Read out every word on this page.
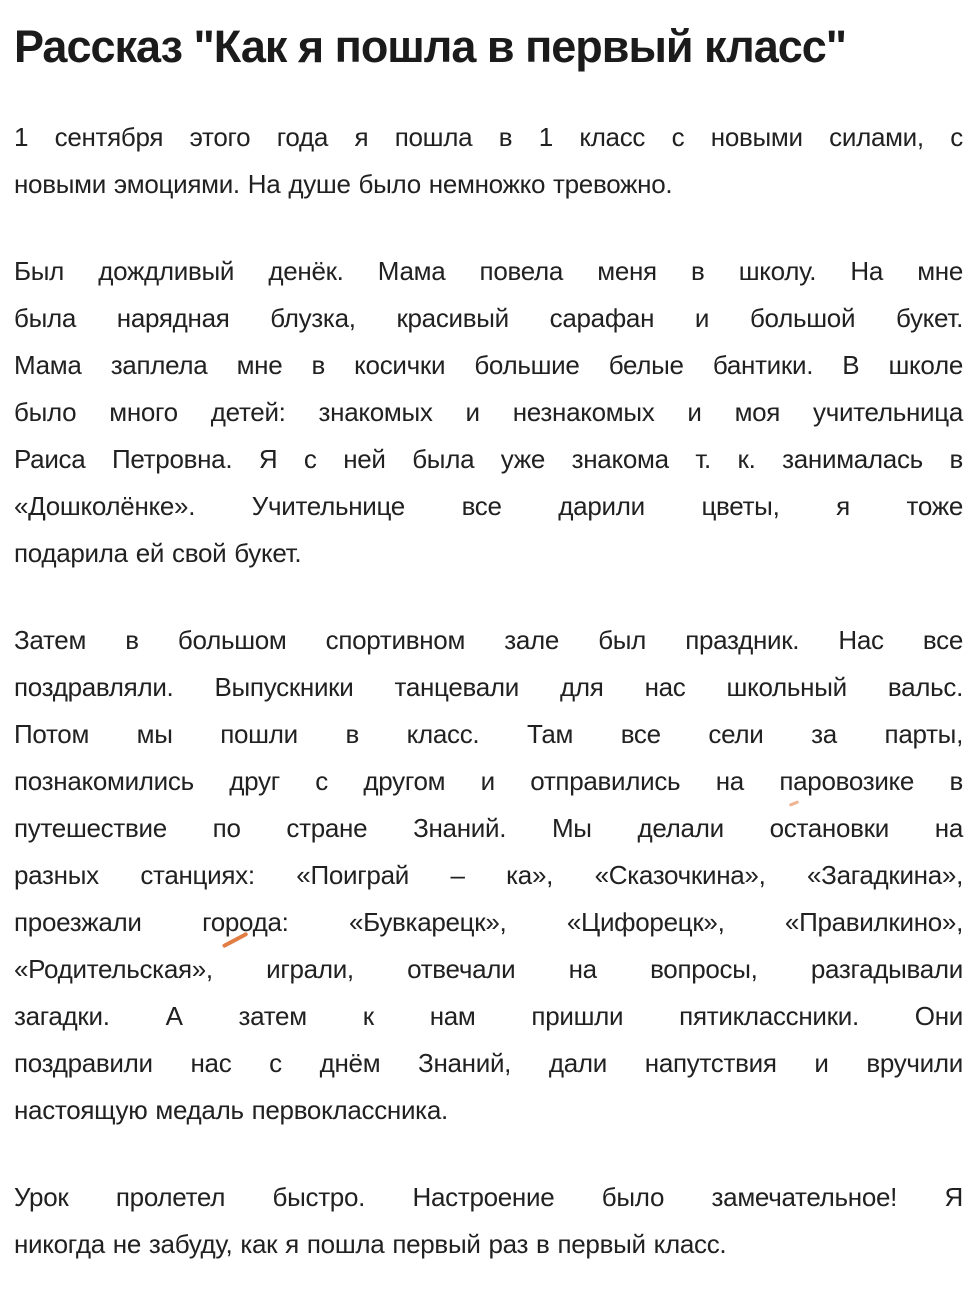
Рассказ "Как я пошла в первый класс"
1 сентября этого года я пошла в 1 класс с новыми силами, с
новыми эмоциями. На душе было немножко тревожно.
Был дождливый денёк. Мама повела меня в школу. На мне
была нарядная блузка, красивый сарафан и большой букет.
Мама заплела мне в косички большие белые бантики. В школе
было много детей: знакомых и незнакомых и моя учительница
Раиса Петровна. Я с ней была уже знакома т. к. занималась в
«Дошколёнке». Учительнице все дарили цветы, я тоже
подарила ей свой букет.
Затем в большом спортивном зале был праздник. Нас все
поздравляли. Выпускники танцевали для нас школьный вальс.
Потом мы пошли в класс. Там все сели за парты,
познакомились друг с другом и отправились на паровозике в
путешествие по стране Знаний. Мы делали остановки на
разных станциях: «Поиграй – ка», «Сказочкина», «Загадкина»,
проезжали города: «Бувкарецк», «Цифорецк», «Правилкино»,
«Родительская», играли, отвечали на вопросы, разгадывали
загадки. А затем к нам пришли пятиклассники. Они
поздравили нас с днём Знаний, дали напутствия и вручили
настоящую медаль первоклассника.
Урок пролетел быстро. Настроение было замечательное! Я
никогда не забуду, как я пошла первый раз в первый класс.
